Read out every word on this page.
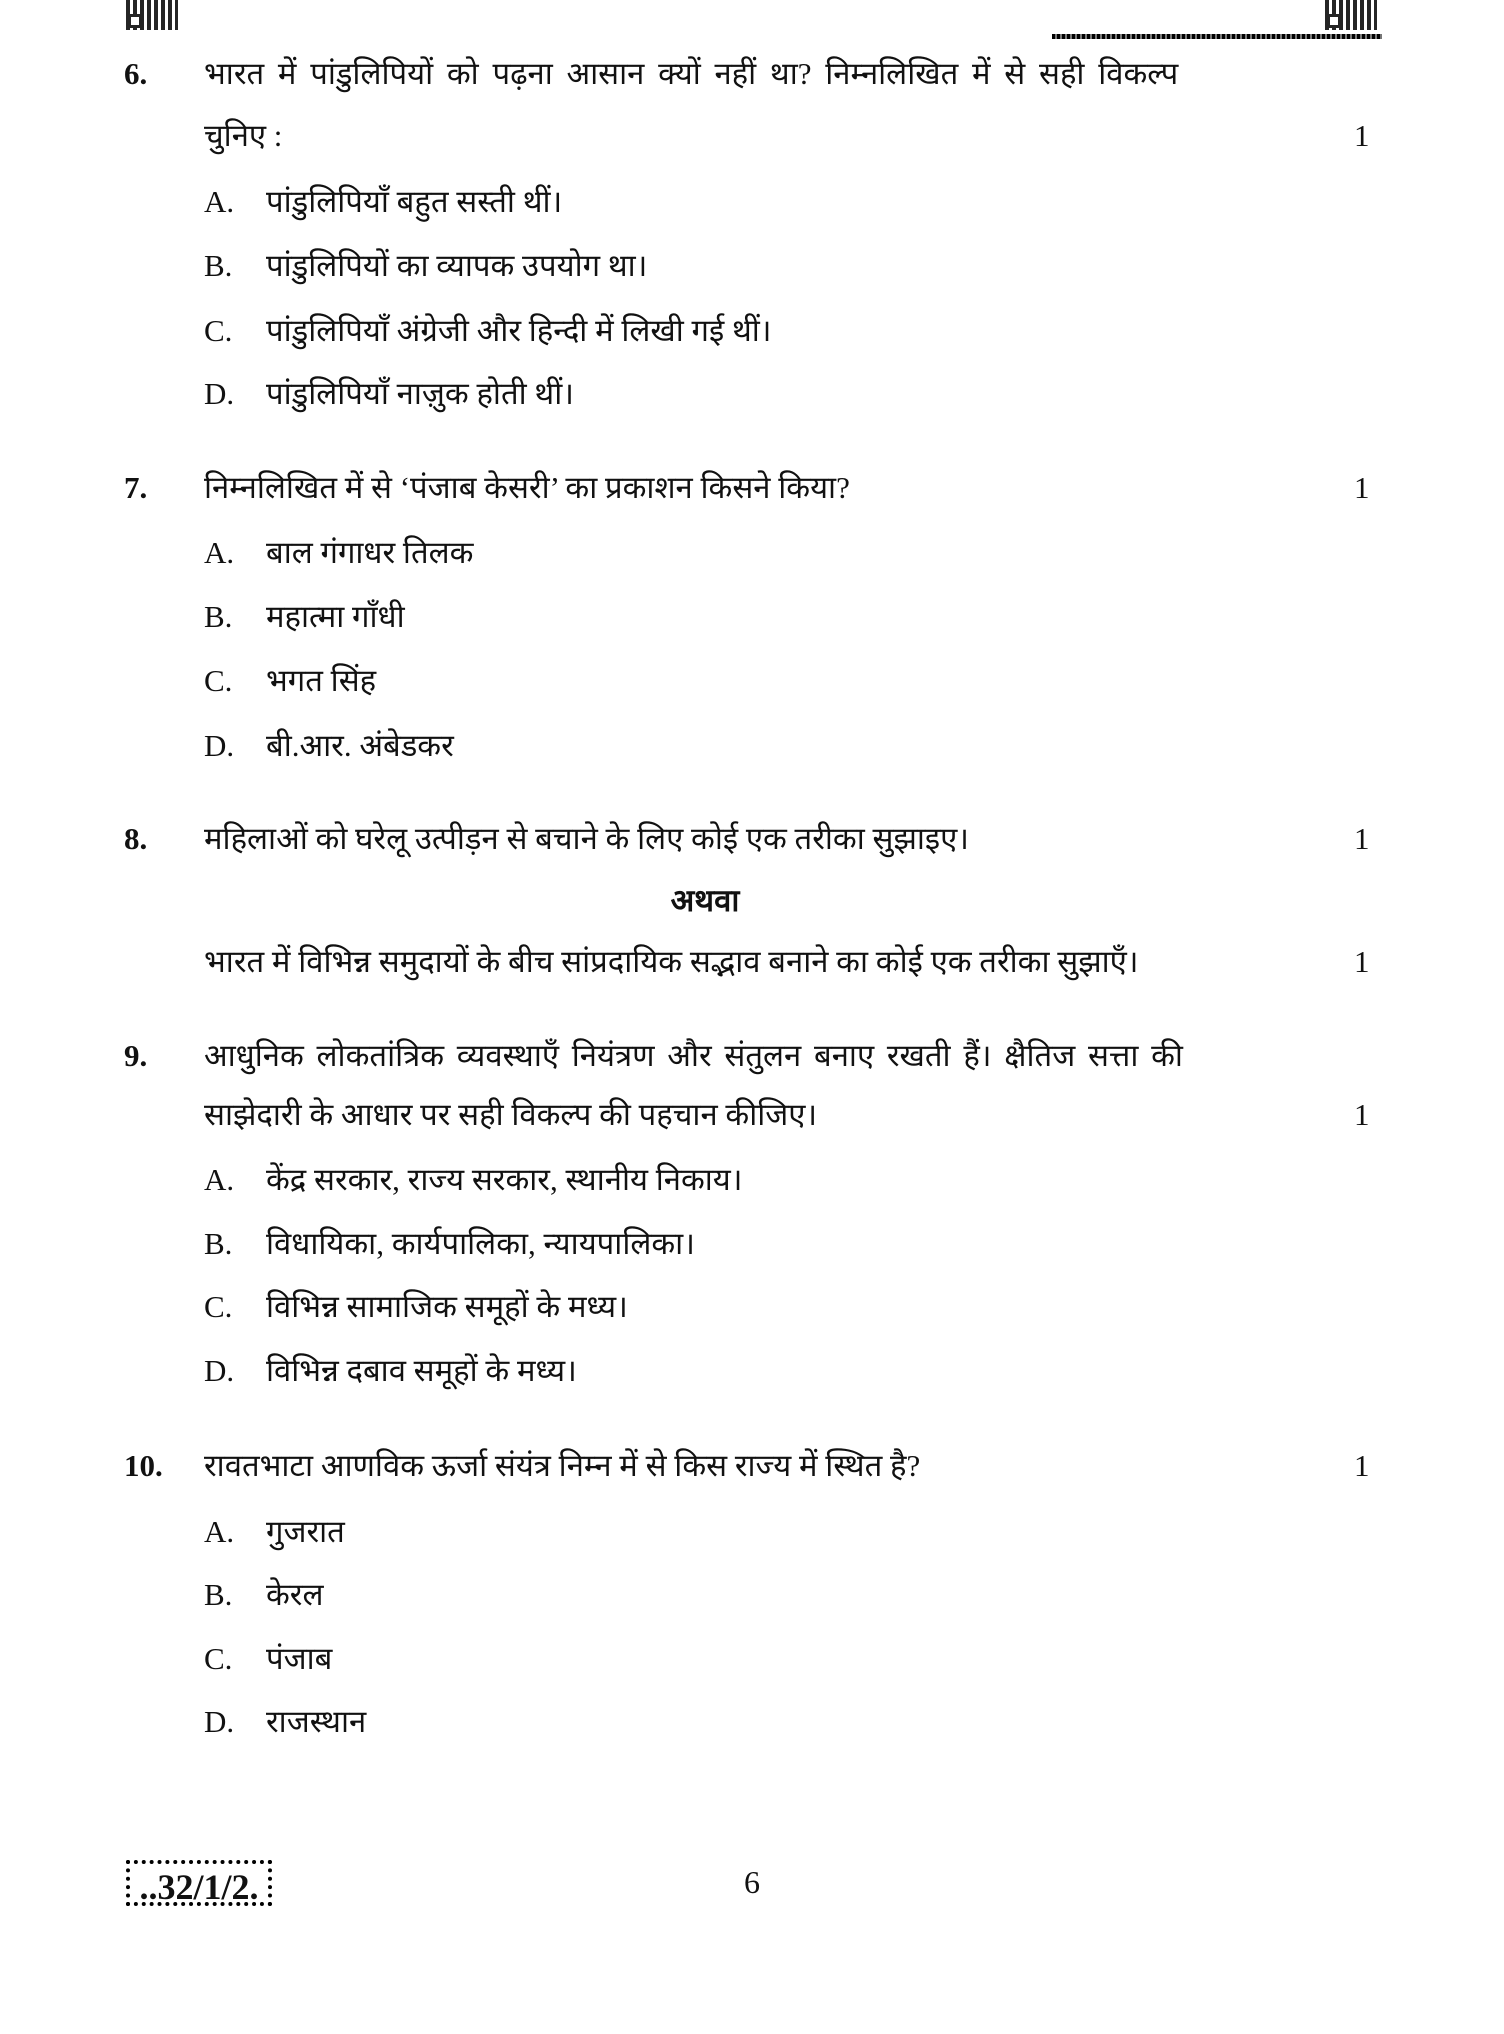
6. भारत में पांडुलिपियों को पढ़ना आसान क्यों नहीं था? निम्नलिखित में से सही विकल्प
चुनिए :	1
A. पांडुलिपियाँ बहुत सस्ती थीं।
B. पांडुलिपियों का व्यापक उपयोग था।
C. पांडुलिपियाँ अंग्रेजी और हिन्दी में लिखी गई थीं।
D. पांडुलिपियाँ नाज़ुक होती थीं।
7. निम्नलिखित में से ‘पंजाब केसरी’ का प्रकाशन किसने किया?	1
A. बाल गंगाधर तिलक
B. महात्मा गाँधी
C. भगत सिंह
D. बी.आर. अंबेडकर
8. महिलाओं को घरेलू उत्पीड़न से बचाने के लिए कोई एक तरीका सुझाइए।	1
अथवा
भारत में विभिन्न समुदायों के बीच सांप्रदायिक सद्भाव बनाने का कोई एक तरीका सुझाएँ।	1
9. आधुनिक लोकतांत्रिक व्यवस्थाएँ नियंत्रण और संतुलन बनाए रखती हैं। क्षैतिज सत्ता की
साझेदारी के आधार पर सही विकल्प की पहचान कीजिए।	1
A. केंद्र सरकार, राज्य सरकार, स्थानीय निकाय।
B. विधायिका, कार्यपालिका, न्यायपालिका।
C. विभिन्न सामाजिक समूहों के मध्य।
D. विभिन्न दबाव समूहों के मध्य।
10. रावतभाटा आणविक ऊर्जा संयंत्र निम्न में से किस राज्य में स्थित है?	1
A. गुजरात
B. केरल
C. पंजाब
D. राजस्थान
..32/1/2.	6
